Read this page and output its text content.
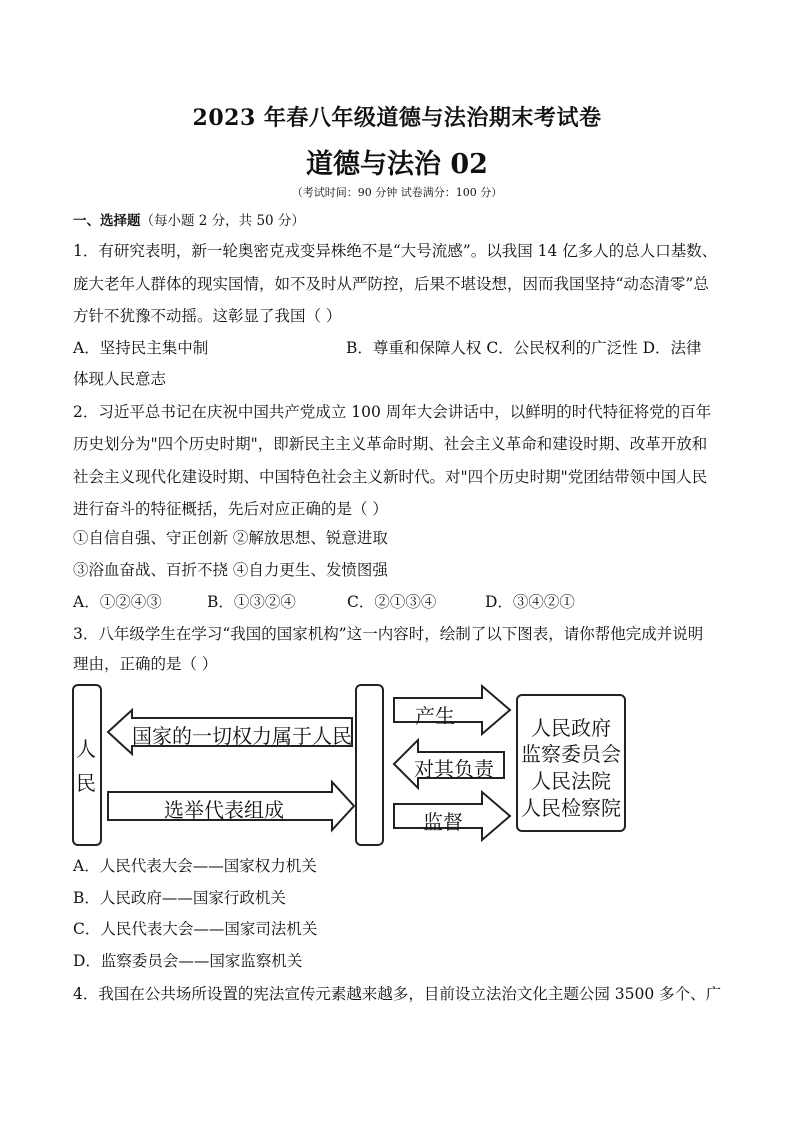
2023 年春八年级道德与法治期末考试卷
道德与法治 02
（考试时间：90 分钟 试卷满分：100 分）
一、选择题（每小题 2 分，共 50 分）
1．有研究表明，新一轮奥密克戎变异株绝不是“大号流感”。以我国 14 亿多人的总人口基数、
庞大老年人群体的现实国情，如不及时从严防控，后果不堪设想，因而我国坚持“动态清零”总
方针不犹豫不动摇。这彰显了我国（ ）
A．坚持民主集中制	B．尊重和保障人权 C．公民权利的广泛性 D．法律
体现人民意志
2．习近平总书记在庆祝中国共产党成立 100 周年大会讲话中，以鲜明的时代特征将党的百年
历史划分为"四个历史时期"，即新民主主义革命时期、社会主义革命和建设时期、改革开放和
社会主义现代化建设时期、中国特色社会主义新时代。对"四个历史时期"党团结带领中国人民
进行奋斗的特征概括，先后对应正确的是（ ）
①自信自强、守正创新 ②解放思想、锐意进取
③浴血奋战、百折不挠 ④自力更生、发愤图强
A．①②④③	B．①③②④	C．②①③④	D．③④②①
3．八年级学生在学习“我国的国家机构”这一内容时，绘制了以下图表，请你帮他完成并说明
理由，正确的是（ ）
人民
人民政府
监察委员会
人民法院
人民检察院
国家的一切权力属于人民
选举代表组成
产生
对其负责
监督
A．人民代表大会——国家权力机关
B．人民政府——国家行政机关
C．人民代表大会——国家司法机关
D．监察委员会——国家监察机关
4．我国在公共场所设置的宪法宣传元素越来越多，目前设立法治文化主题公园 3500 多个、广
